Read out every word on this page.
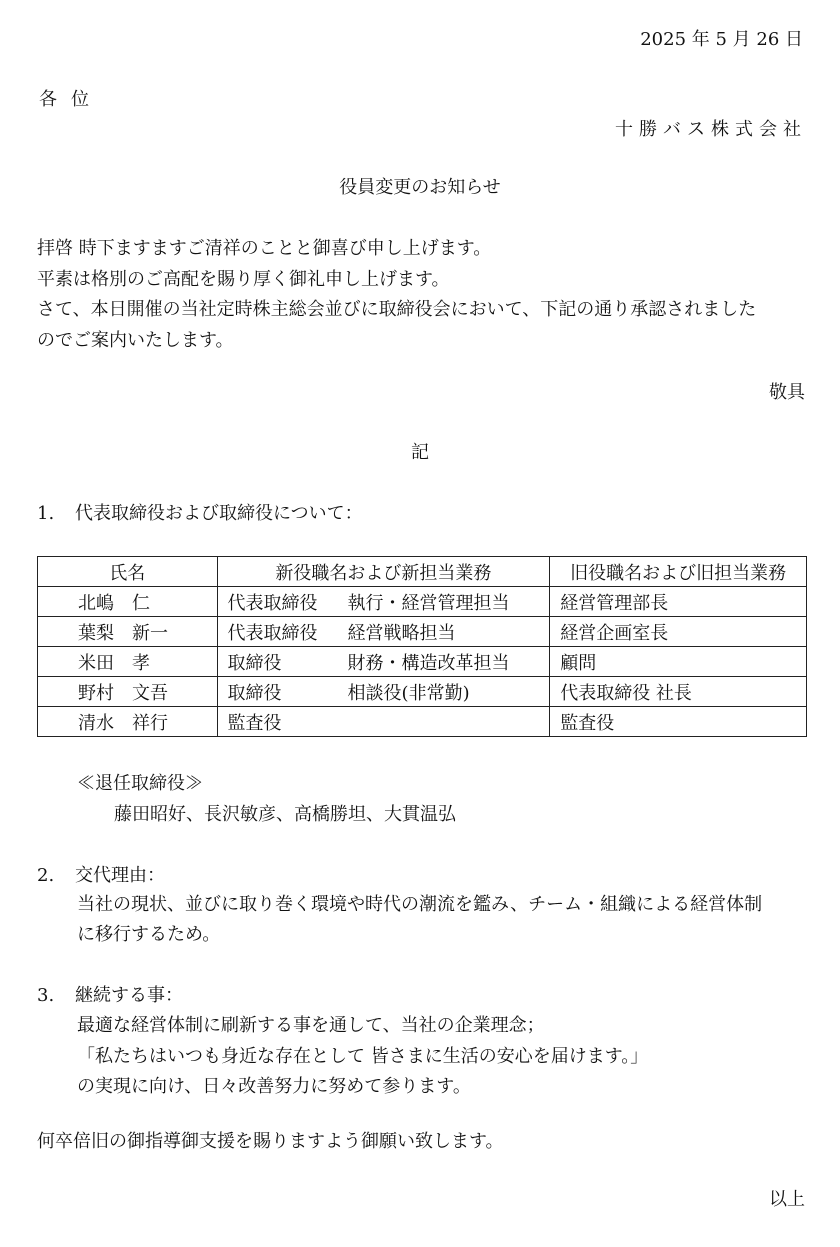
2025 年 5 月 26 日
各位
十勝バス株式会社
役員変更のお知らせ
拝啓 時下ますますご清祥のことと御喜び申し上げます。
平素は格別のご高配を賜り厚く御礼申し上げます。
さて、本日開催の当社定時株主総会並びに取締役会において、下記の通り承認されました
のでご案内いたします。
敬具
記
1. 代表取締役および取締役について：
氏名	新役職名および新担当業務	旧役職名および旧担当業務
北嶋　仁	代表取締役 執行・経営管理担当	経営管理部長
葉梨　新一	代表取締役 経営戦略担当	経営企画室長
米田　孝	取締役 財務・構造改革担当	顧問
野村　文吾	取締役 相談役(非常勤)	代表取締役 社長
清水　祥行	監査役	監査役
≪退任取締役≫
藤田昭好、長沢敏彦、高橋勝坦、大貫温弘
2. 交代理由：
当社の現状、並びに取り巻く環境や時代の潮流を鑑み、チーム・組織による経営体制
に移行するため。
3. 継続する事：
最適な経営体制に刷新する事を通して、当社の企業理念；
「私たちはいつも身近な存在として 皆さまに生活の安心を届けます。」
の実現に向け、日々改善努力に努めて参ります。
何卒倍旧の御指導御支援を賜りますよう御願い致します。
以上
